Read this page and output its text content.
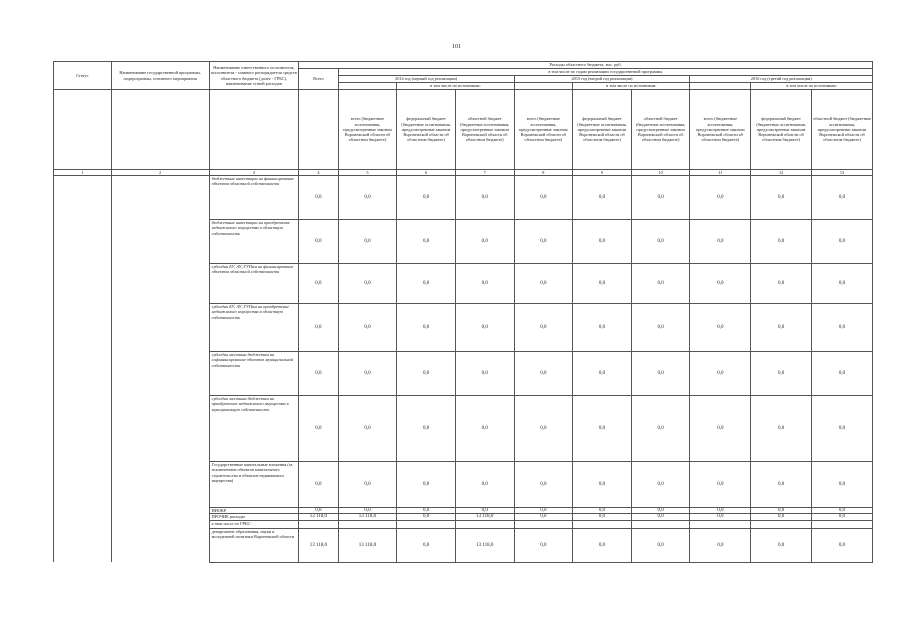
101
Статус	Наименование государственной программы, подпрограммы, основного мероприятия	Наименование ответственного исполнителя, исполнителя - главного распорядителя средств областного бюджета (далее - ГРБС), наименование статей расходов	Расходы областного бюджета, тыс. руб.									
			Всего	в том числе по годам реализации государственной программы								
				2014 год (первый год реализации)			2015 год (второй год реализации)			2016 год (третий год реализации)		
					в том числе по источникам:			в том числе по источникам:			в том числе по источникам:	
				всего (бюджетные ассигнования, предусмотренные законом Воронежской области об областном бюджете)	федеральный бюджет (бюджетные ассигнования, предусмотренные законом Воронежской области об областном бюджете)	областной бюджет (бюджетные ассигнования, предусмотренные законом Воронежской области об областном бюджете)	всего (бюджетные ассигнования, предусмотренные законом Воронежской области об областном бюджете)	федеральный бюджет (бюджетные ассигнования, предусмотренные законом Воронежской области об областном бюджете)	областной бюджет (бюджетные ассигнования, предусмотренные законом Воронежской области об областном бюджете)	всего (бюджетные ассигнования, предусмотренные законом Воронежской области об областном бюджете)	федеральный бюджет (бюджетные ассигнования, предусмотренные законом Воронежской области об областном бюджете)	областной бюджет (бюджетные ассигнования, предусмотренные законом Воронежской области об областном бюджете)
1	2	3	4	5	6	7	8	9	10	11	12	13
		бюджетные инвестиции на финансирование объектов областной собственности	0,0	0,0	0,0	0,0	0,0	0,0	0,0	0,0	0,0	0,0
		бюджетные инвестиции на приобретение недвижимого имущества в областную собственность	0,0	0,0	0,0	0,0	0,0	0,0	0,0	0,0	0,0	0,0
		субсидии БУ, АУ, ГУПам на финансирование объектов областной собственности	0,0	0,0	0,0	0,0	0,0	0,0	0,0	0,0	0,0	0,0
		субсидии БУ, АУ, ГУПам на приобретение недвижимого имущества в областную собственность	0,0	0,0	0,0	0,0	0,0	0,0	0,0	0,0	0,0	0,0
		субсидии местным бюджетам на софинансирование объектов муниципальной собственности	0,0	0,0	0,0	0,0	0,0	0,0	0,0	0,0	0,0	0,0
		субсидии местным бюджетам на приобретение недвижимого имущества в муниципальную собственность	0,0	0,0	0,0	0,0	0,0	0,0	0,0	0,0	0,0	0,0
		Государственные капитальные вложения (за исключением объектов капитального строительства и объектов недвижимого имущества)	0,0	0,0	0,0	0,0	0,0	0,0	0,0	0,0	0,0	0,0
		НИОКР	0,0	0,0	0,0	0,0	0,0	0,0	0,0	0,0	0,0	0,0
		ПРОЧИЕ расходы	13 118,0	13 118,0	0,0	13 118,0	0,0	0,0	0,0	0,0	0,0	0,0
		в том числе по ГРБС:										
		департамент образования, науки и молодежной политики Воронежской области	13 118,0	13 118,0	0,0	13 118,0	0,0	0,0	0,0	0,0	0,0	0,0
